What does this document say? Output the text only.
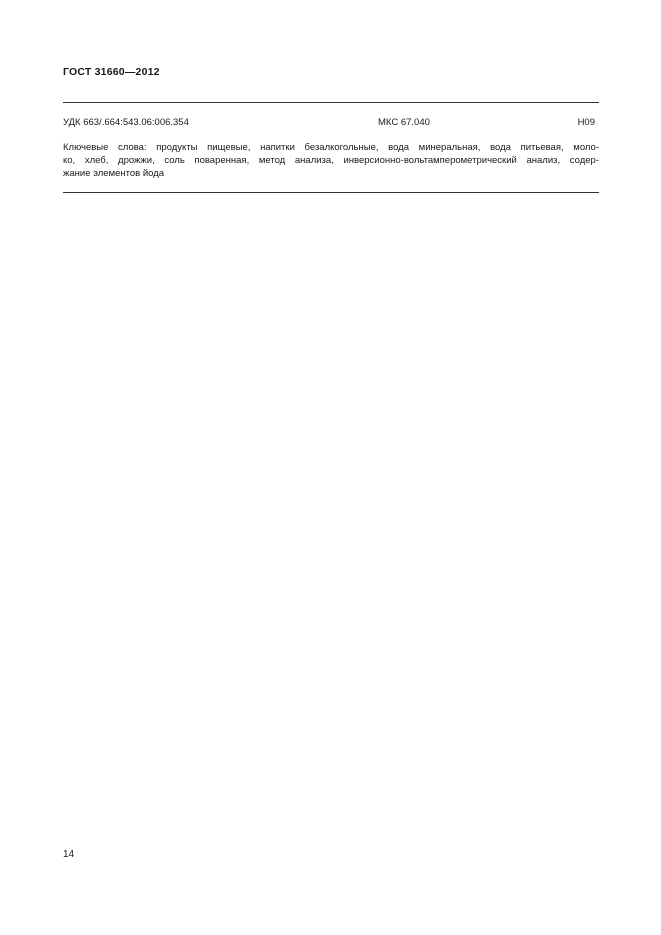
ГОСТ 31660—2012
УДК 663/.664:543.06:006.354	МКС 67.040	Н09
Ключевые слова: продукты пищевые, напитки безалкогольные, вода минеральная, вода питьевая, моло-
ко, хлеб, дрожжи, соль поваренная, метод анализа, инверсионно-вольтамперометрический анализ, содер-
жание элементов йода
14
